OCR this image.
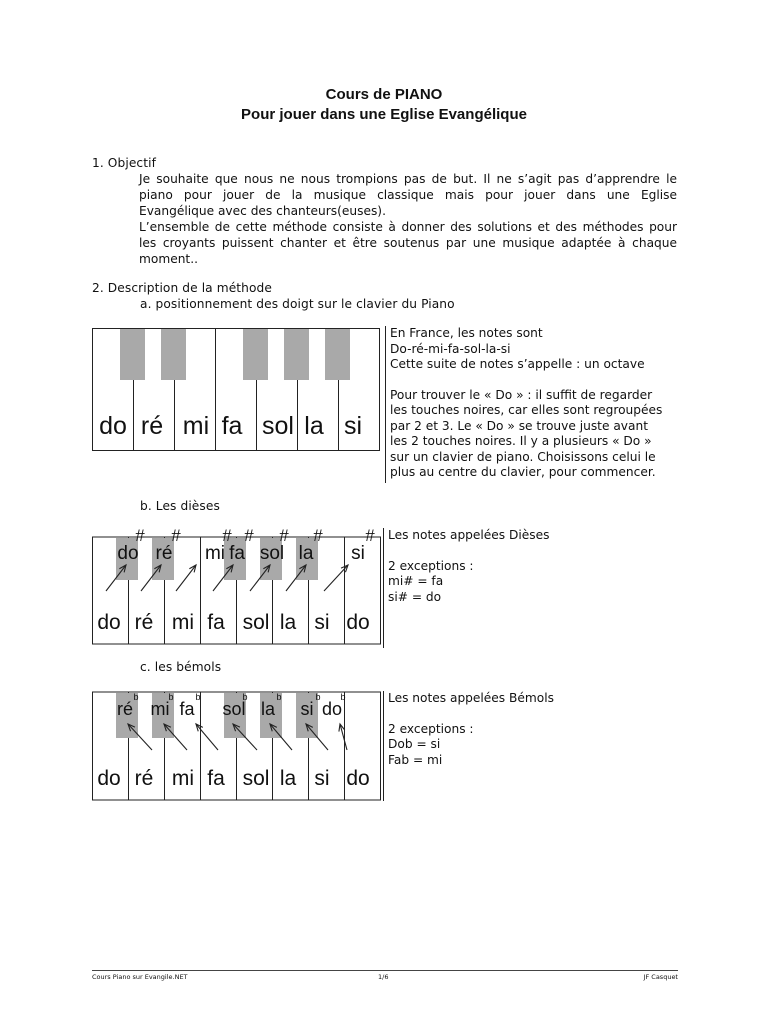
Cours de PIANO
Pour jouer dans une Eglise Evangélique
1. Objectif
2. Description de la méthode
a. positionnement des doigt sur le clavier du Piano
do ré mi fa sol la si
En France, les notes sont
Do-ré-mi-fa-sol-la-si
Cette suite de notes s’appelle : un octave
Pour trouver le « Do » : il suffit de regarder
les touches noires, car elles sont regroupées
par 2 et 3. Le « Do » se trouve juste avant
les 2 touches noires. Il y a plusieurs « Do »
sur un clavier de piano. Choisissons celui le
plus au centre du clavier, pour commencer.
b. Les dièses
do ré mi fa sol la si do
do
#
ré
#
mi
#
fa
#
sol
#
la
#
si
# Les notes appelées Dièses
2 exceptions :
mi# = fa
si# = do
c. les bémols
do ré mi fa sol la si do
ré
b
mi
b
fa
b
sol
b
la
b
si
b
do
b	Les notes appelées Bémols
2 exceptions :
Dob = si
Fab = mi
Cours Piano sur Evangile.NET	1/6	JF Casquet
Je souhaite que nous ne nous trompions pas de but. Il ne s’agit pas d’apprendre le
piano pour jouer de la musique classique mais pour jouer dans une Eglise
Evangélique avec des chanteurs(euses).
L’ensemble de cette méthode consiste à donner des solutions et des méthodes pour
les croyants puissent chanter et être soutenus par une musique adaptée à chaque
moment..
